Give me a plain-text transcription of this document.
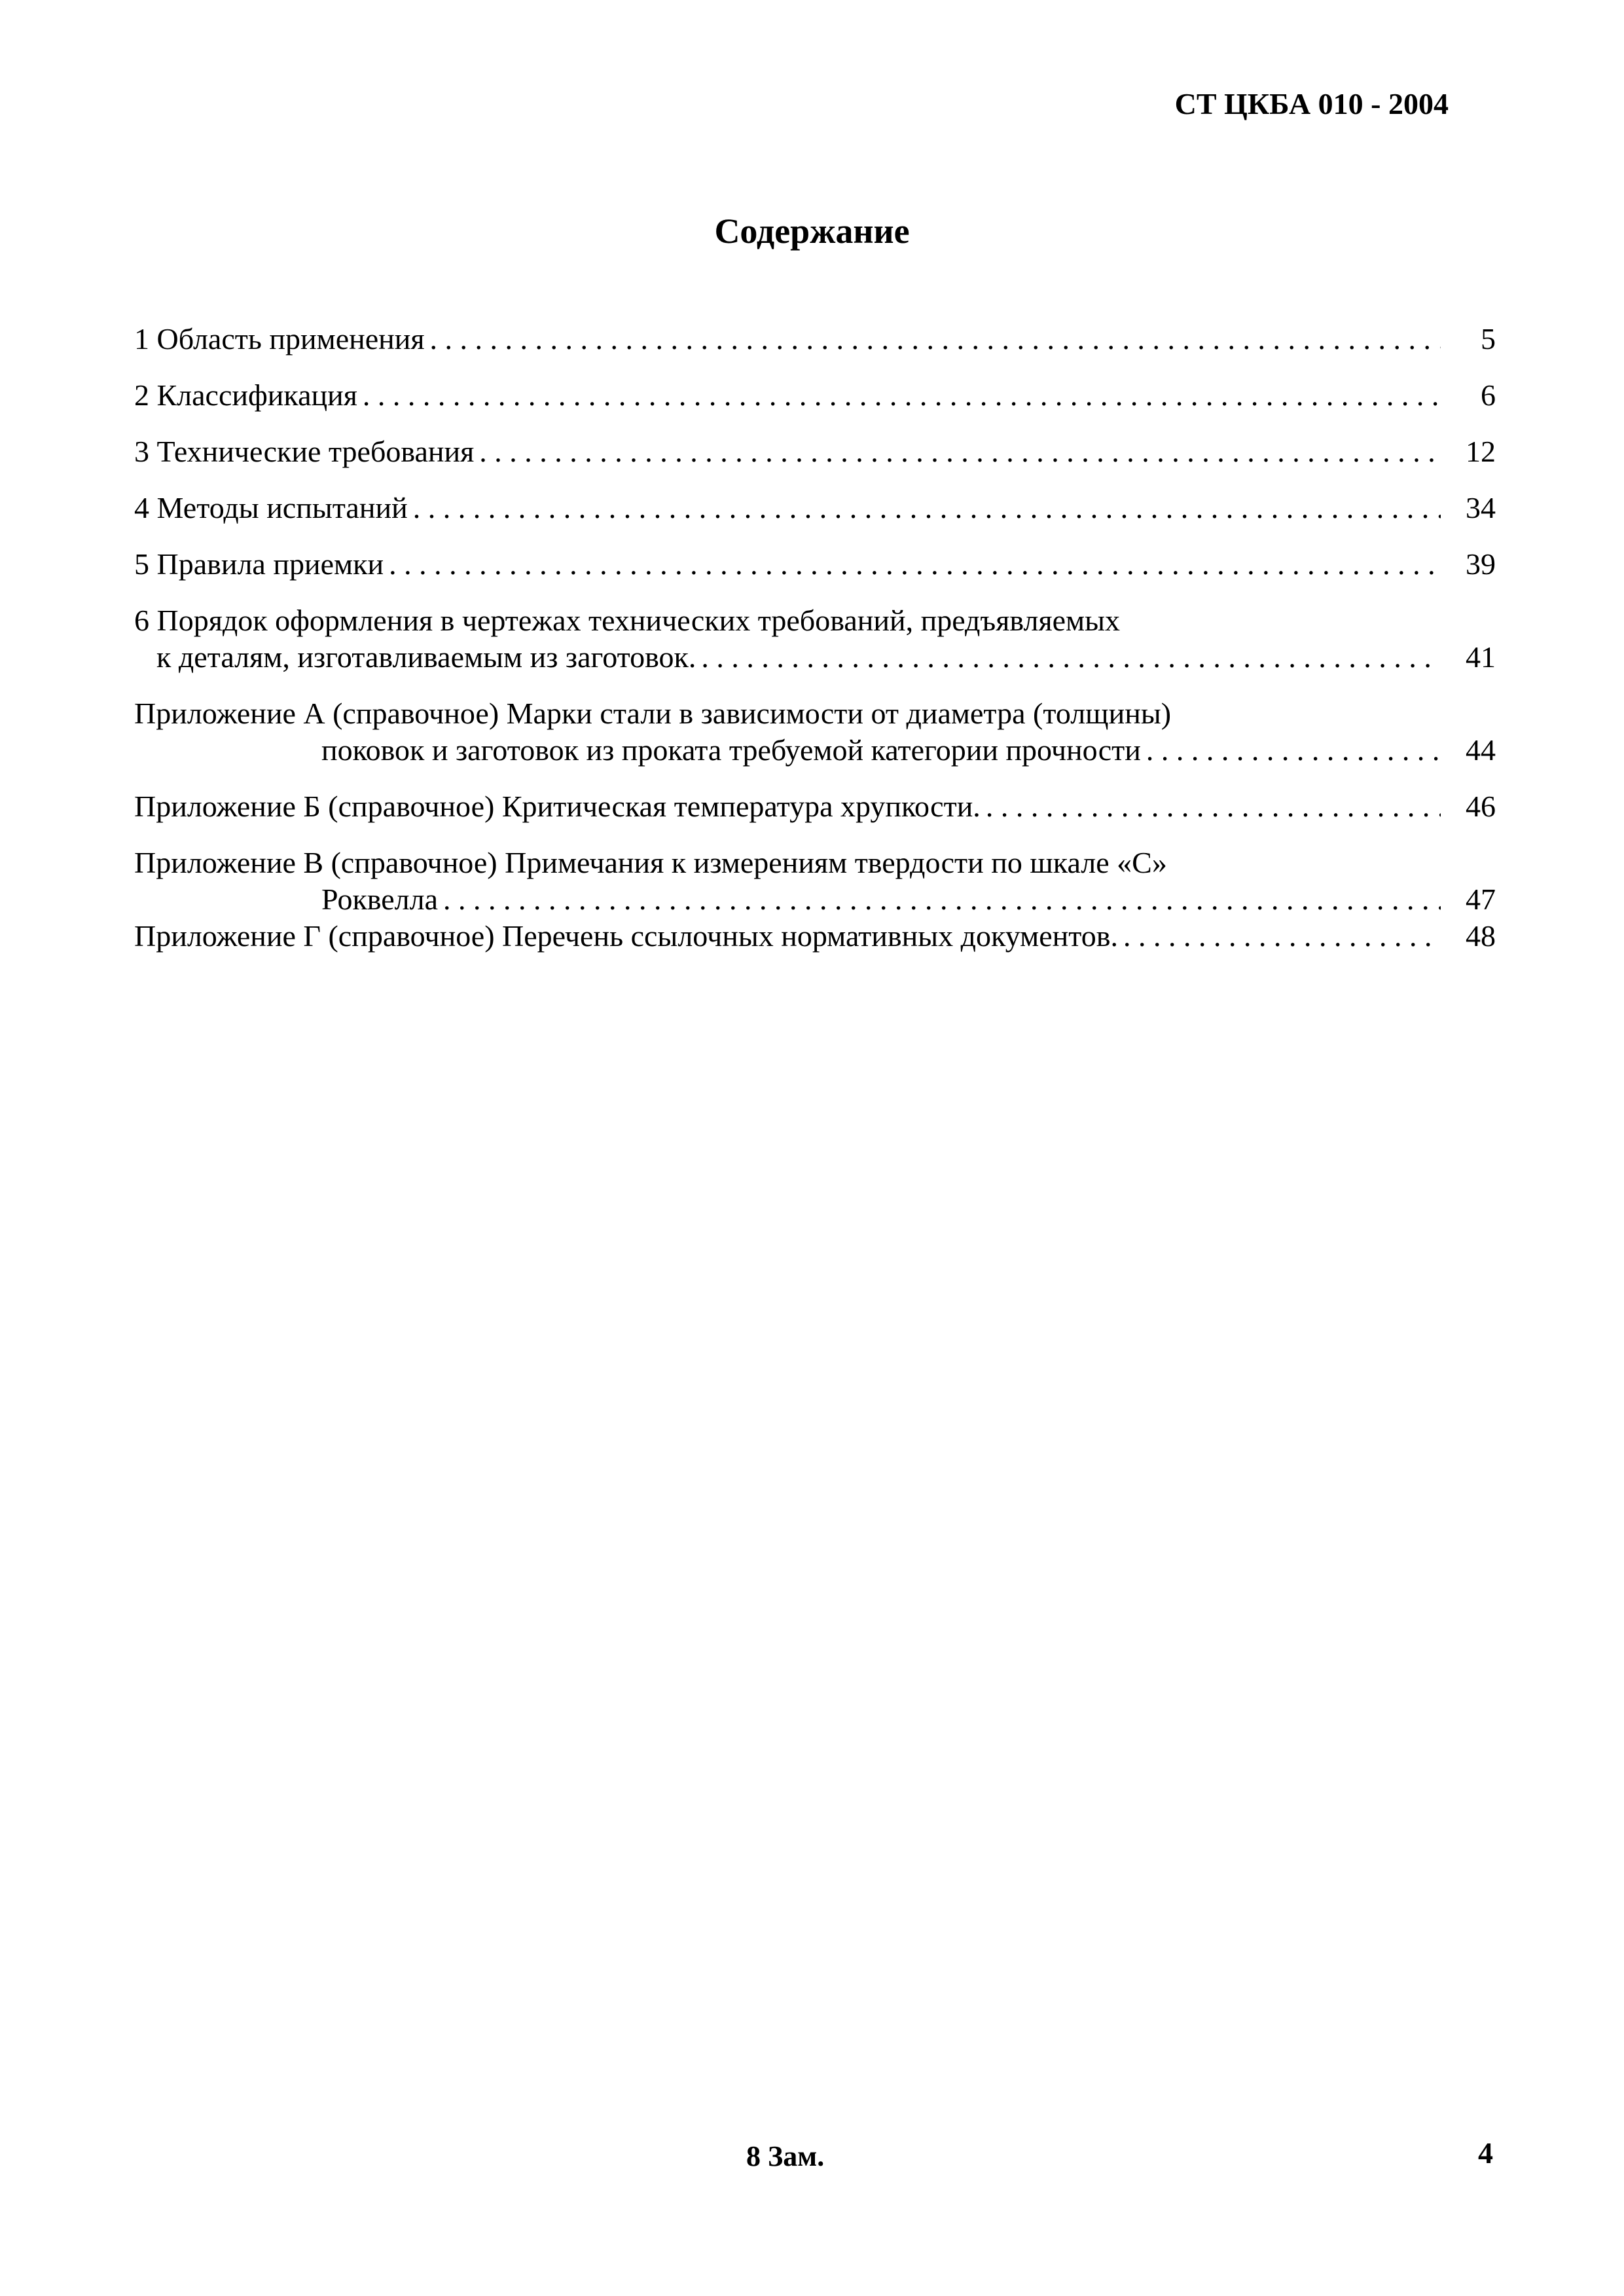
СТ ЦКБА 010 - 2004
Содержание
1 Область применения . . .	5
2 Классификация . . .	6
3 Технические требования . . .	12
4 Методы испытаний . . .	34
5 Правила приемки . . .	39
6 Порядок оформления в чертежах технических требований, предъявляемых
к деталям, изготавливаемым из заготовок. . . .	41
Приложение А (справочное) Марки стали в зависимости от диаметра (толщины)
поковок и заготовок из проката требуемой категории прочности . . .	44
Приложение Б (справочное) Критическая температура хрупкости. . . .	46
Приложение В (справочное) Примечания к измерениям твердости по шкале «С»
Роквелла . . .	47
Приложение Г (справочное) Перечень ссылочных нормативных документов. . . .	48
8 Зам.	4
